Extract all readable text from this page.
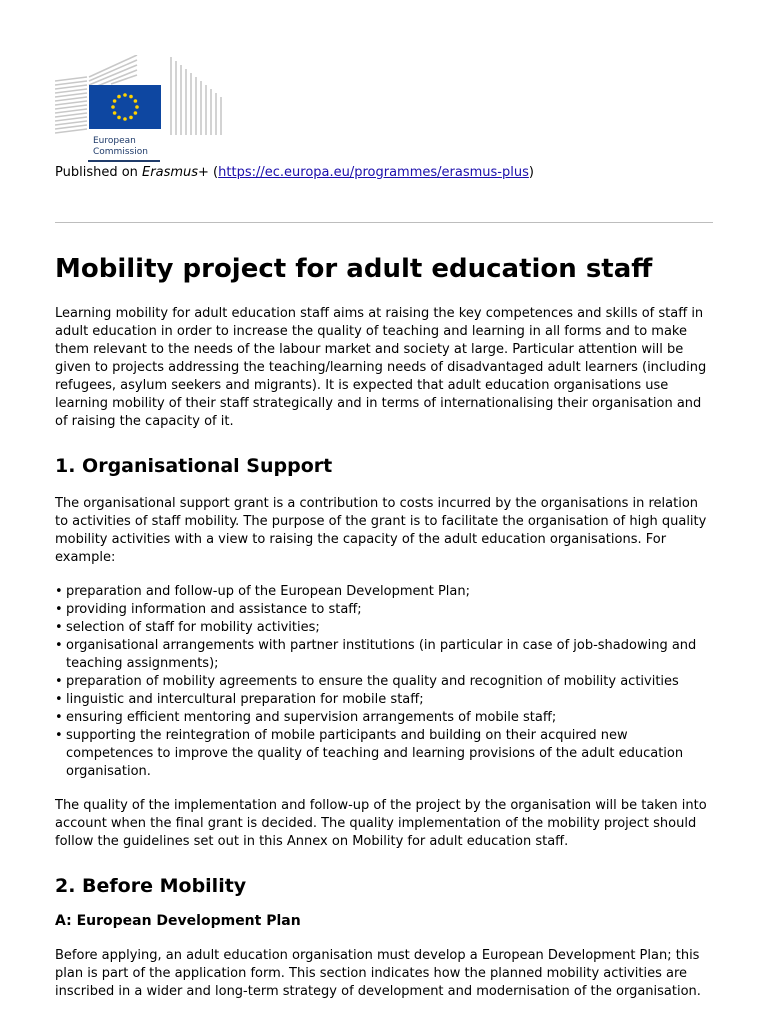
European
Commission
Published on Erasmus+ (https://ec.europa.eu/programmes/erasmus-plus)
Mobility project for adult education staff

Learning mobility for adult education staff aims at raising the key competences and skills of staff in adult education in order to increase the quality of teaching and learning in all forms and to make them relevant to the needs of the labour market and society at large. Particular attention will be given to projects addressing the teaching/learning needs of disadvantaged adult learners (including refugees, asylum seekers and migrants). It is expected that adult education organisations use learning mobility of their staff strategically and in terms of internationalising their organisation and of raising the capacity of it.

1. Organisational Support

The organisational support grant is a contribution to costs incurred by the organisations in relation to activities of staff mobility. The purpose of the grant is to facilitate the organisation of high quality mobility activities with a view to raising the capacity of the adult education organisations. For example:

• preparation and follow-up of the European Development Plan;
• providing information and assistance to staff;
• selection of staff for mobility activities;
• organisational arrangements with partner institutions (in particular in case of job-shadowing and teaching assignments);
• preparation of mobility agreements to ensure the quality and recognition of mobility activities
• linguistic and intercultural preparation for mobile staff;
• ensuring efficient mentoring and supervision arrangements of mobile staff;
• supporting the reintegration of mobile participants and building on their acquired new competences to improve the quality of teaching and learning provisions of the adult education organisation.

The quality of the implementation and follow-up of the project by the organisation will be taken into account when the final grant is decided. The quality implementation of the mobility project should follow the guidelines set out in this Annex on Mobility for adult education staff.

2. Before Mobility
A: European Development Plan

Before applying, an adult education organisation must develop a European Development Plan; this plan is part of the application form. This section indicates how the planned mobility activities are inscribed in a wider and long-term strategy of development and modernisation of the organisation.
